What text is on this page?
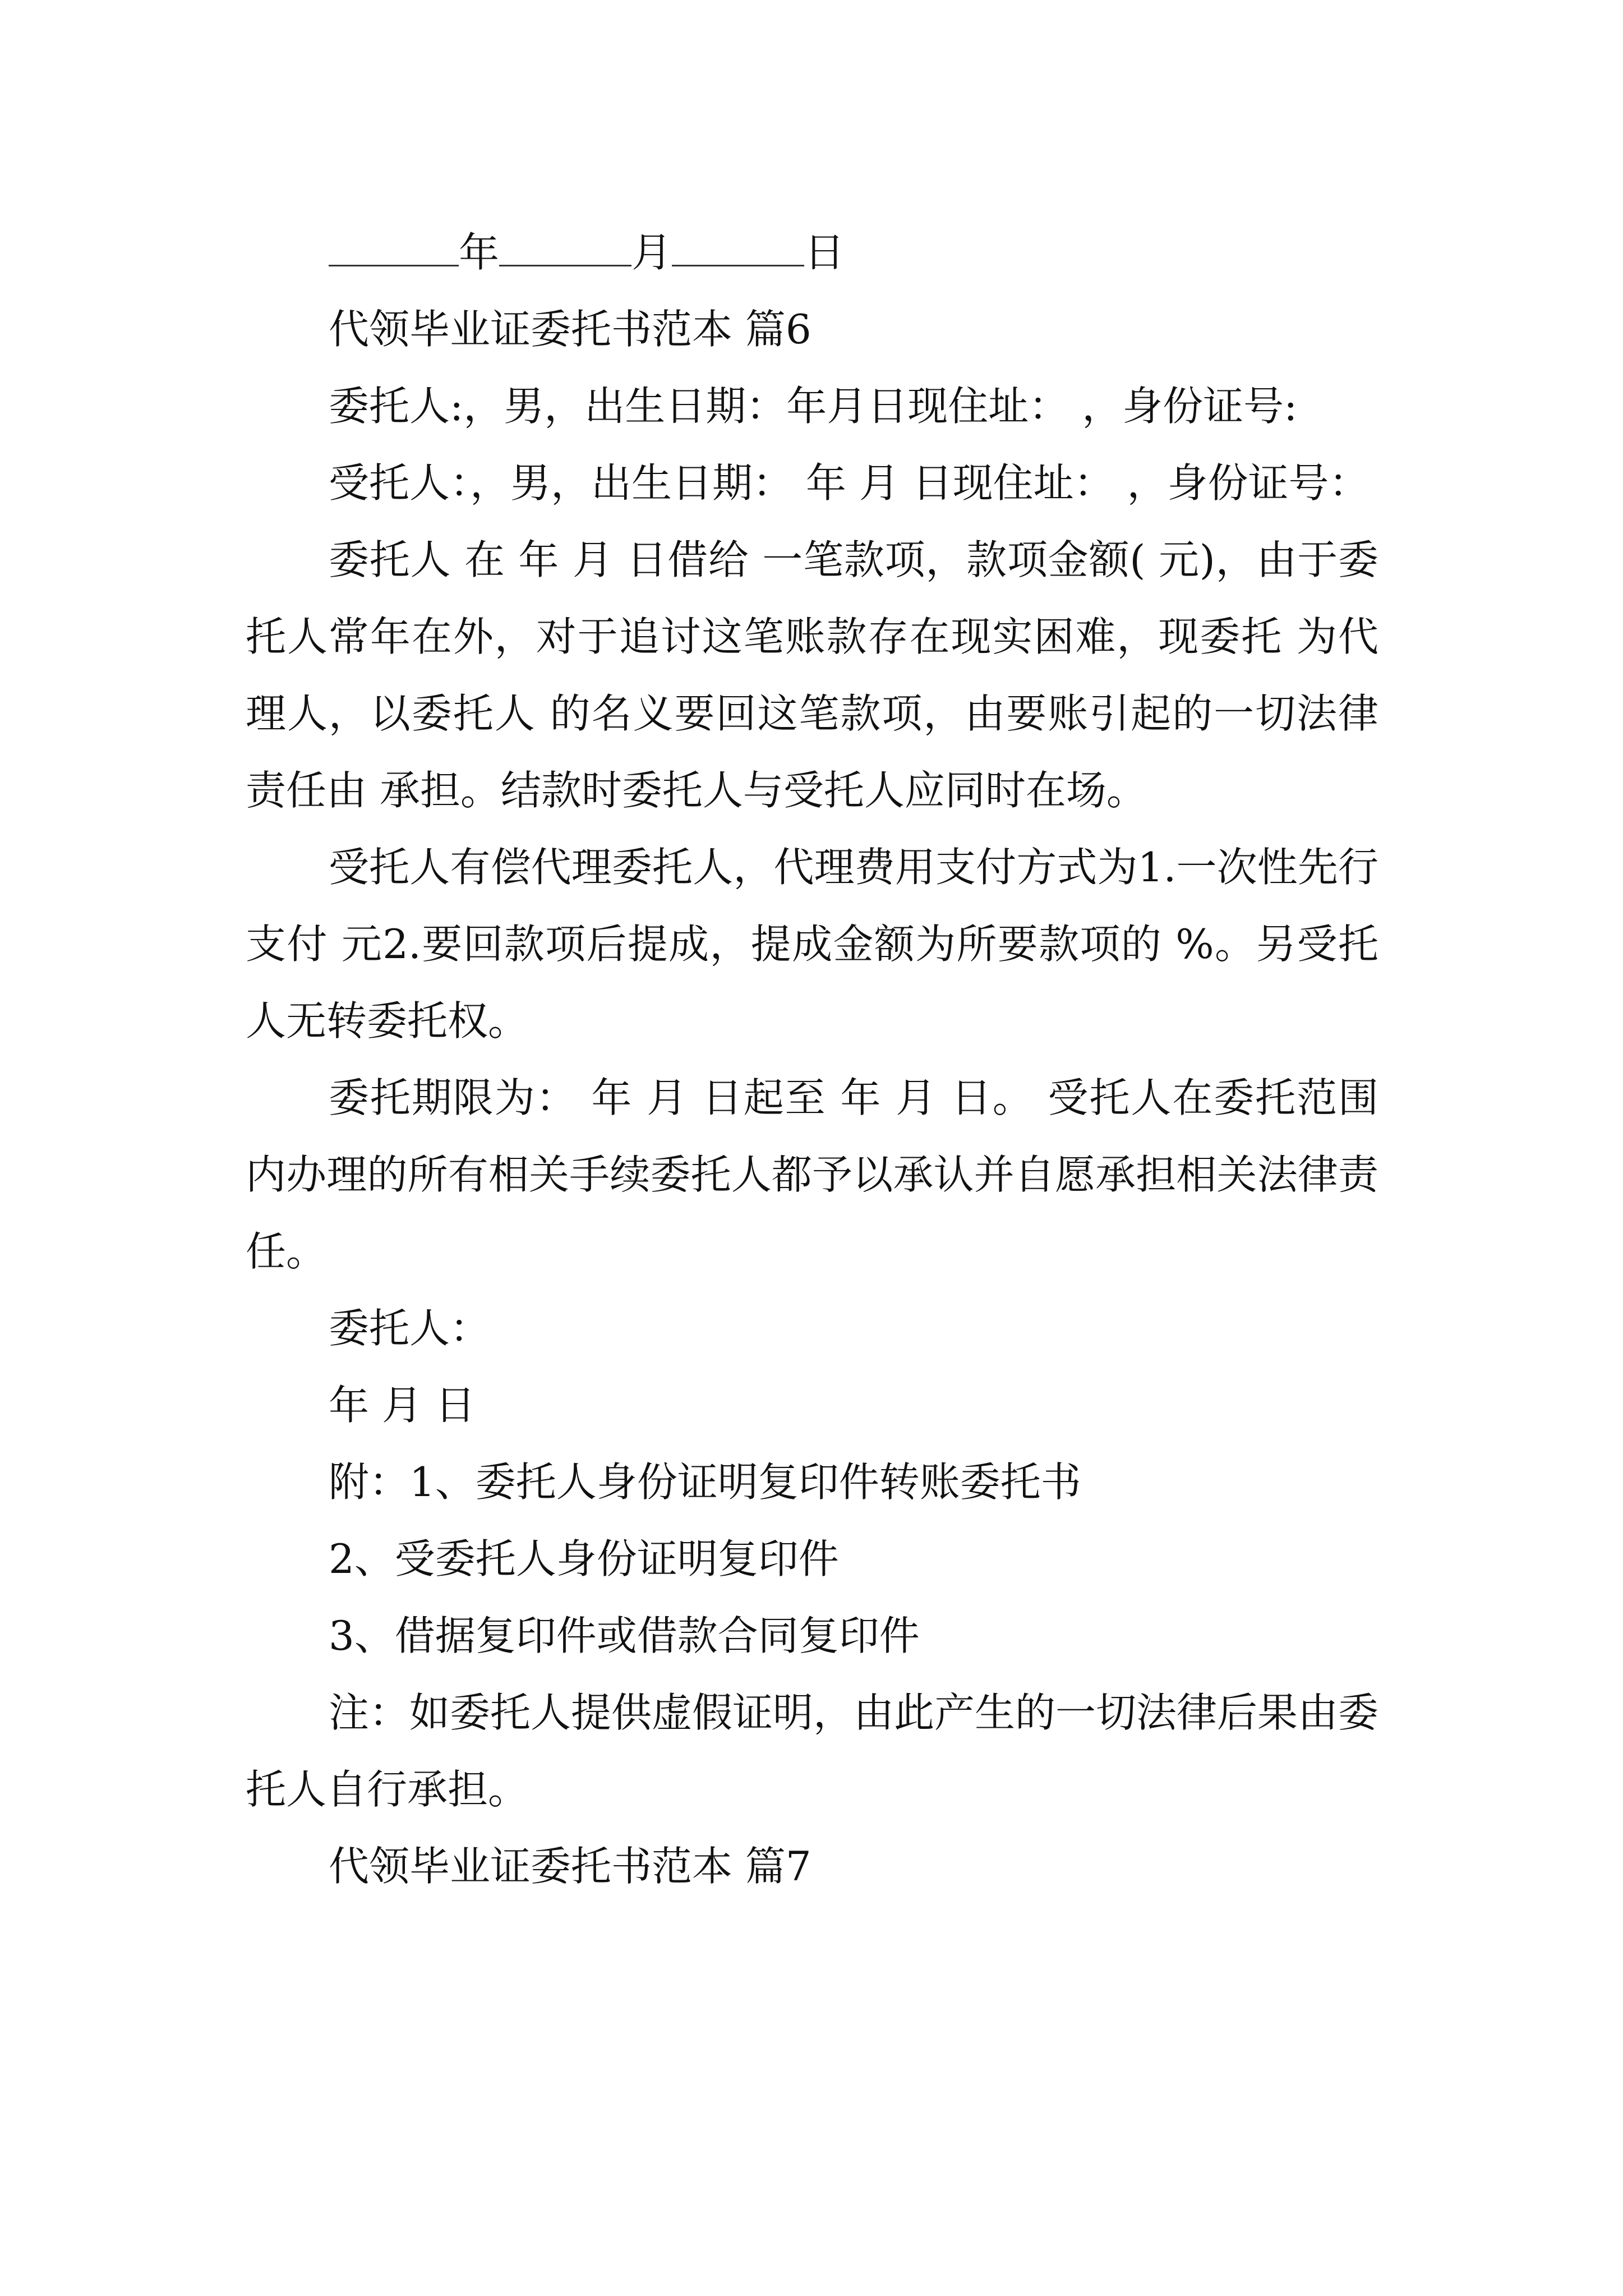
年	月	日

代领毕业证委托书范本 篇6

委托人:，男，出生日期：年月日现住址： ，身份证号:

受托人：，男，出生日期： 年 月 日现住址： ，身份证号：

委托人 在 年 月 日借给 一笔款项，款项金额( 元)，由于委托人常年在外，对于追讨这笔账款存在现实困难，现委托 为代理人，以委托人 的名义要回这笔款项，由要账引起的一切法律责任由 承担。结款时委托人与受托人应同时在场。

受托人有偿代理委托人，代理费用支付方式为1.一次性先行支付 元2.要回款项后提成，提成金额为所要款项的 %。另受托人无转委托权。

委托期限为： 年 月 日起至 年 月 日。 受托人在委托范围内办理的所有相关手续委托人都予以承认并自愿承担相关法律责任。

委托人：

年 月 日

附：1、委托人身份证明复印件转账委托书

2、受委托人身份证明复印件

3、借据复印件或借款合同复印件

注：如委托人提供虚假证明，由此产生的一切法律后果由委托人自行承担。

代领毕业证委托书范本 篇7
